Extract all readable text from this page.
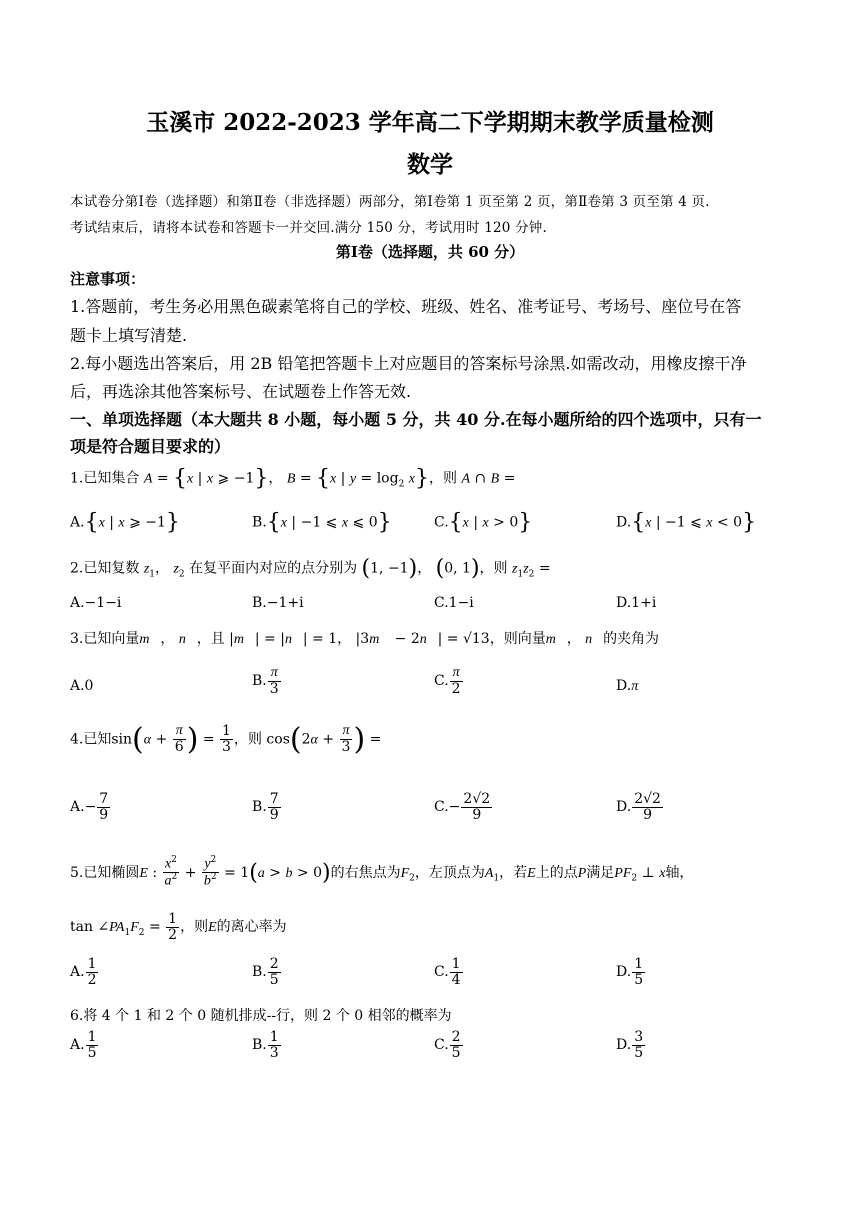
玉溪市 2022-2023 学年高二下学期期末教学质量检测
数学
本试卷分第Ⅰ卷（选择题）和第Ⅱ卷（非选择题）两部分，第Ⅰ卷第 1 页至第 2 页，第Ⅱ卷第 3 页至第 4 页.
考试结束后，请将本试卷和答题卡一并交回.满分 150 分，考试用时 120 分钟.
第Ⅰ卷（选择题，共 60 分）
注意事项：
1.答题前，考生务必用黑色碳素笔将自己的学校、班级、姓名、准考证号、考场号、座位号在答
题卡上填写清楚.
2.每小题选出答案后，用 2B 铅笔把答题卡上对应题目的答案标号涂黑.如需改动，用橡皮擦干净
后，再选涂其他答案标号、在试题卷上作答无效.
一、单项选择题（本大题共 8 小题，每小题 5 分，共 40 分.在每小题所给的四个选项中，只有一
项是符合题目要求的）
1.已知集合 A = {x | x ⩾ −1}， B = {x | $y = \log_2 x$}，则 A ∩ B =
A.{x | x ⩾ −1}	B.{x | −1 ⩽ x ⩽ 0}	C.{x | x > 0}	D.{x | −1 ⩽ x < 0}
2.已知复数 $z_1$， $z_2$ 在复平面内对应的点分别为 (1, −1)， (0, 1)，则 $z_1z_2$ =
A.−1−i	B.−1+i	C.1−i	D.1+i
3.已知向量m⃗， n⃗，且 |m⃗| = |n⃗| = 1， |3m⃗ − 2n⃗| = √13，则向量m⃗， n⃗的夹角为
A.0	B. $\frac{\pi}{3}$	C. $\frac{\pi}{2}$	D.π
4.已知$\sin(\alpha + \frac{\pi}{6}$ ) = $\frac{1}{3}$ ，则 $\cos(2\alpha + \frac{\pi}{3}$ ) =
$A.- \frac{7}{9}$	B. $\frac{7}{9}$	$C.- \frac{2√2}{9}$	D. $\frac{2√2}{9}$
5.已知椭圆E : $\frac{x^2}{a^2} + \frac{y^2}{b^2} = 1(a > b > 0)$的右焦点为$F_2$，左顶点为$A_1$，若E上的点P满足$PF_2$ ⊥ x轴，
$\tan \angle PA_1F_2 = \frac{1}{2}$ ，则E的离心率为
A. $\frac{1}{2}$	B. $\frac{2}{5}$	C. $\frac{1}{4}$	D. $\frac{1}{5}$
6.将 4 个 1 和 2 个 0 随机排成--行，则 2 个 0 相邻的概率为
A. $\frac{1}{5}$	B. $\frac{1}{3}$	C. $\frac{2}{5}$	D. $\frac{3}{5}$
